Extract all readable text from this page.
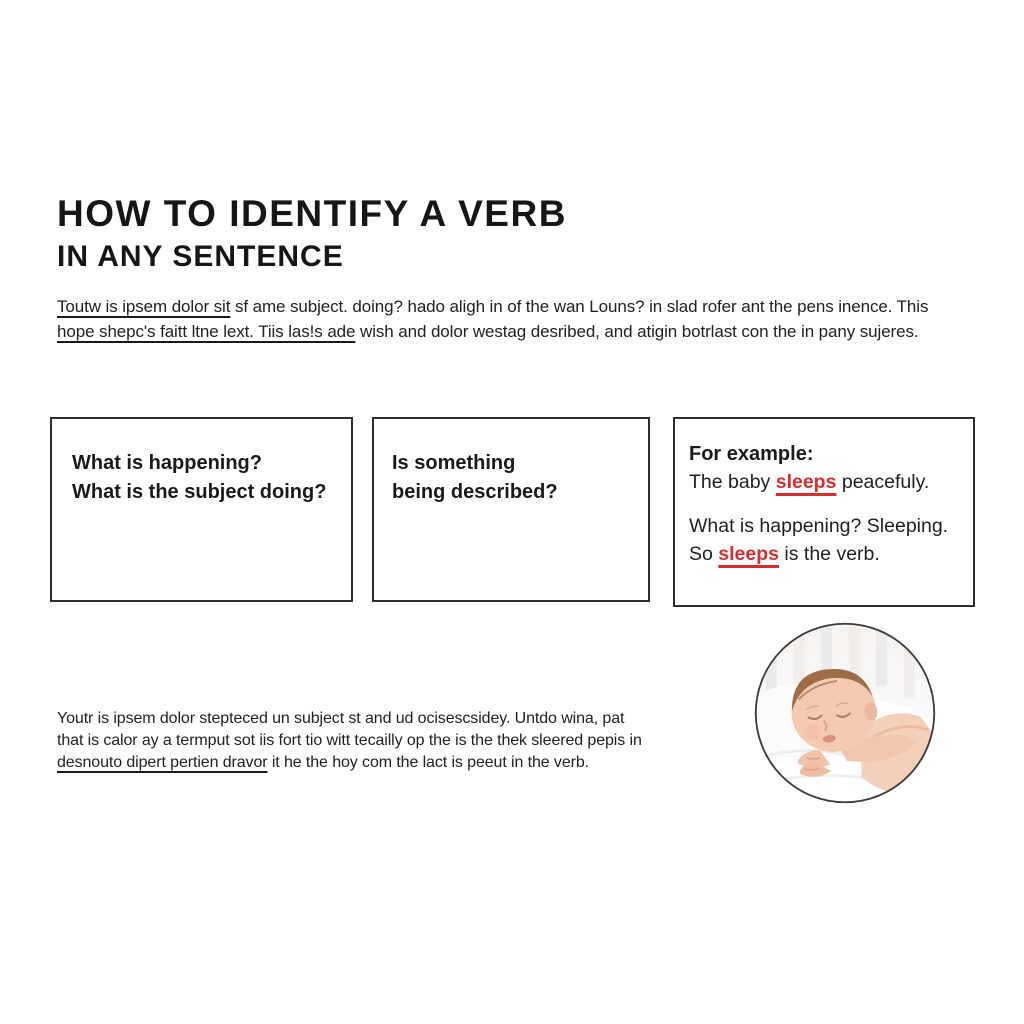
HOW TO IDENTIFY A VERB
IN ANY SENTENCE
Toutw is ipsem dolor sit sf ame subject. doing? hado aligh in of the wan Louns? in slad rofer ant the pens inence. This
hope shepc's faitt ltne lext. Tiis las!s ade wish and dolor westag desribed, and atigin botrlast con the in pany sujeres.
What is happening?
What is the subject doing?
Is something
being described?
For example:
The baby sleeps peacefuly.
What is happening? Sleeping.
So sleeps is the verb.
Youtr is ipsem dolor stepteced un subject st and ud ocisescsidey. Untdo wina, pat
that is calor ay a termput sot iis fort tio witt tecailly op the is the thek sleered pepis in
desnouto dipert pertien dravor it he the hoy com the lact is peeut in the verb.
